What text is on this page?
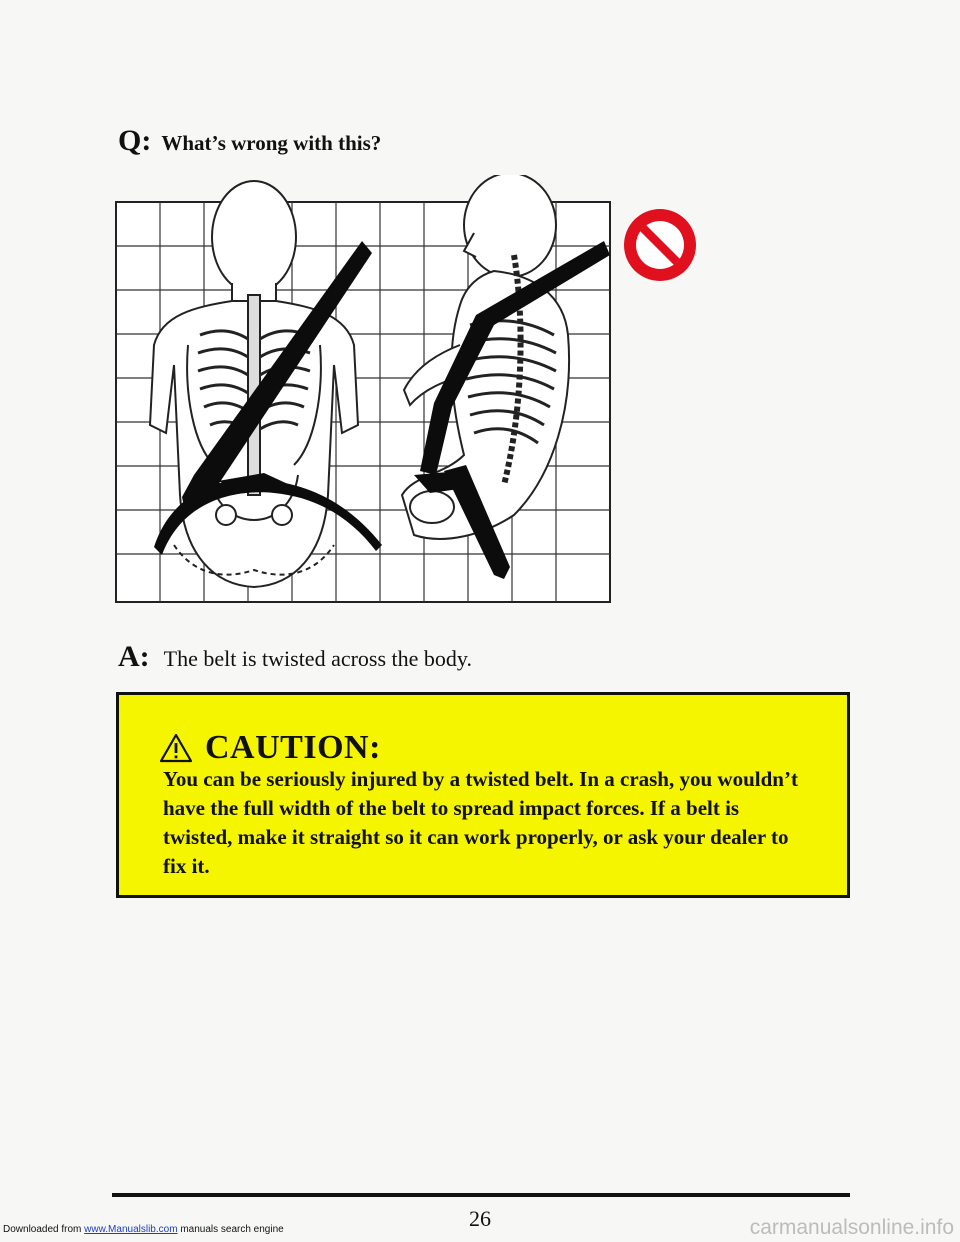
Q: What’s wrong with this?
A: The belt is twisted across the body.
CAUTION:
You can be seriously injured by a twisted belt. In a crash, you wouldn’t have the full width of the belt to spread impact forces. If a belt is twisted, make it straight so it can work properly, or ask your dealer to fix it.
26
Downloaded from www.Manualslib.com manuals search engine	carmanualsonline.info
